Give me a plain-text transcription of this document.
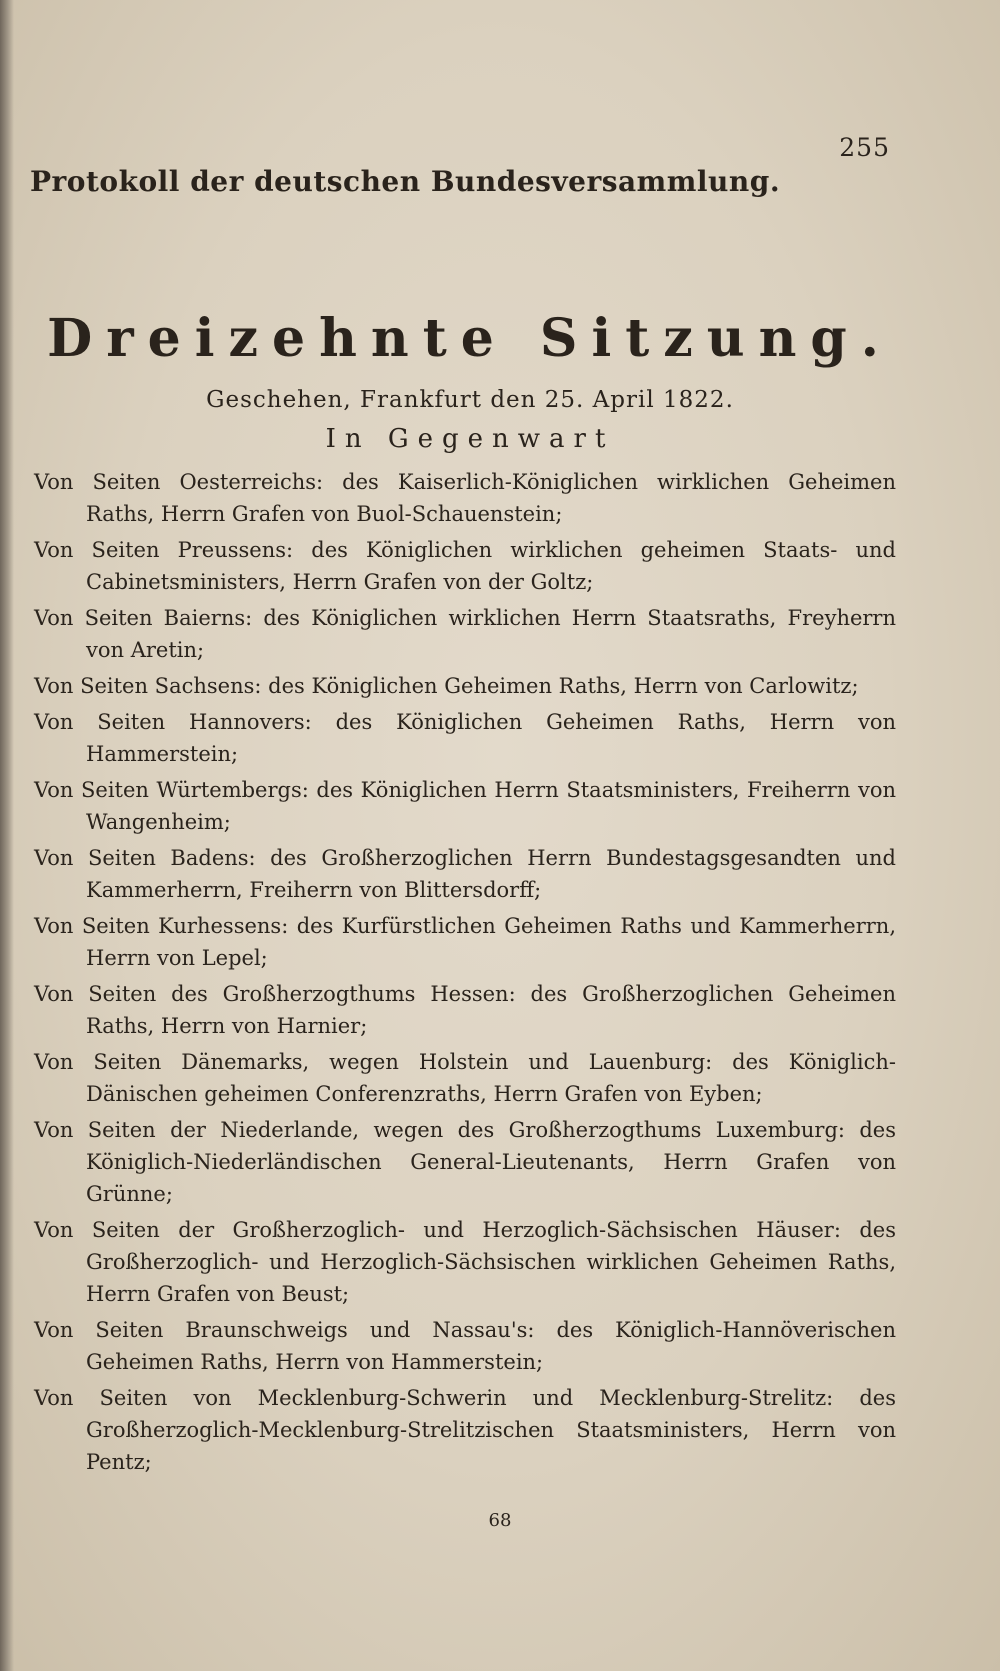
255
Protokoll der deutschen Bundesversammlung.
Dreizehnte Sitzung.
Geschehen, Frankfurt den 25. April 1822.
In Gegenwart
Von Seiten Oesterreichs: des Kaiserlich-Königlichen wirklichen Geheimen Raths, Herrn Grafen von Buol-Schauenstein;
Von Seiten Preussens: des Königlichen wirklichen geheimen Staats- und Cabinetsministers, Herrn Grafen von der Goltz;
Von Seiten Baierns: des Königlichen wirklichen Herrn Staatsraths, Freyherrn von Aretin;
Von Seiten Sachsens: des Königlichen Geheimen Raths, Herrn von Carlowitz;
Von Seiten Hannovers: des Königlichen Geheimen Raths, Herrn von Hammerstein;
Von Seiten Würtembergs: des Königlichen Herrn Staatsministers, Freiherrn von Wangenheim;
Von Seiten Badens: des Großherzoglichen Herrn Bundestagsgesandten und Kammerherrn, Freiherrn von Blittersdorff;
Von Seiten Kurhessens: des Kurfürstlichen Geheimen Raths und Kammerherrn, Herrn von Lepel;
Von Seiten des Großherzogthums Hessen: des Großherzoglichen Geheimen Raths, Herrn von Harnier;
Von Seiten Dänemarks, wegen Holstein und Lauenburg: des Königlich-Dänischen geheimen Conferenzraths, Herrn Grafen von Eyben;
Von Seiten der Niederlande, wegen des Großherzogthums Luxemburg: des Königlich-Niederländischen General-Lieutenants, Herrn Grafen von Grünne;
Von Seiten der Großherzoglich- und Herzoglich-Sächsischen Häuser: des Großherzoglich- und Herzoglich-Sächsischen wirklichen Geheimen Raths, Herrn Grafen von Beust;
Von Seiten Braunschweigs und Nassau's: des Königlich-Hannöverischen Geheimen Raths, Herrn von Hammerstein;
Von Seiten von Mecklenburg-Schwerin und Mecklenburg-Strelitz: des Großherzoglich-Mecklenburg-Strelitzischen Staatsministers, Herrn von Pentz;
68
